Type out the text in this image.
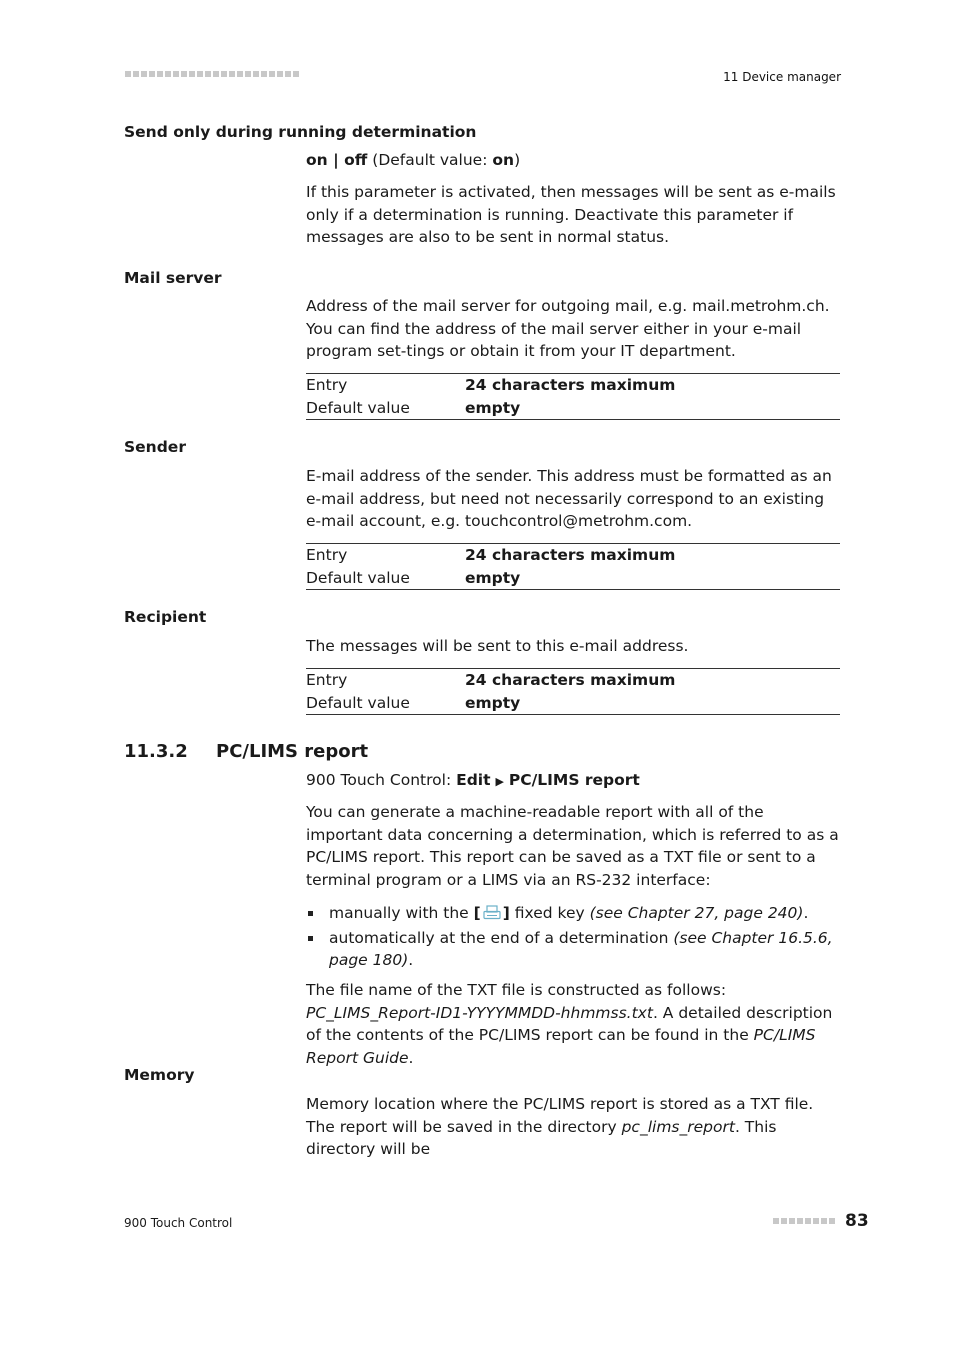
11 Device manager
Send only during running determination
on | off (Default value: on)
If this parameter is activated, then messages will be sent as e-mails only if a determination is running. Deactivate this parameter if messages are also to be sent in normal status.
Mail server
Address of the mail server for outgoing mail, e.g. mail.metrohm.ch. You can find the address of the mail server either in your e-mail program set-tings or obtain it from your IT department.
Entry	24 characters maximum
Default value	empty
Sender
E-mail address of the sender. This address must be formatted as an e-mail address, but need not necessarily correspond to an existing e-mail account, e.g. touchcontrol@metrohm.com.
Entry	24 characters maximum
Default value	empty
Recipient
The messages will be sent to this e-mail address.
Entry	24 characters maximum
Default value	empty
11.3.2 PC/LIMS report
900 Touch Control: Edit ▶ PC/LIMS report
You can generate a machine-readable report with all of the important data concerning a determination, which is referred to as a PC/LIMS report. This report can be saved as a TXT file or sent to a terminal program or a LIMS via an RS-232 interface:
manually with the [ ] fixed key (see Chapter 27, page 240).
automatically at the end of a determination (see Chapter 16.5.6, page 180).
The file name of the TXT file is constructed as follows: PC_LIMS_Report-ID1-YYYYMMDD-hhmmss.txt. A detailed description of the contents of the PC/LIMS report can be found in the PC/LIMS Report Guide.
Memory
Memory location where the PC/LIMS report is stored as a TXT file. The report will be saved in the directory pc_lims_report. This directory will be
900 Touch Control	83
